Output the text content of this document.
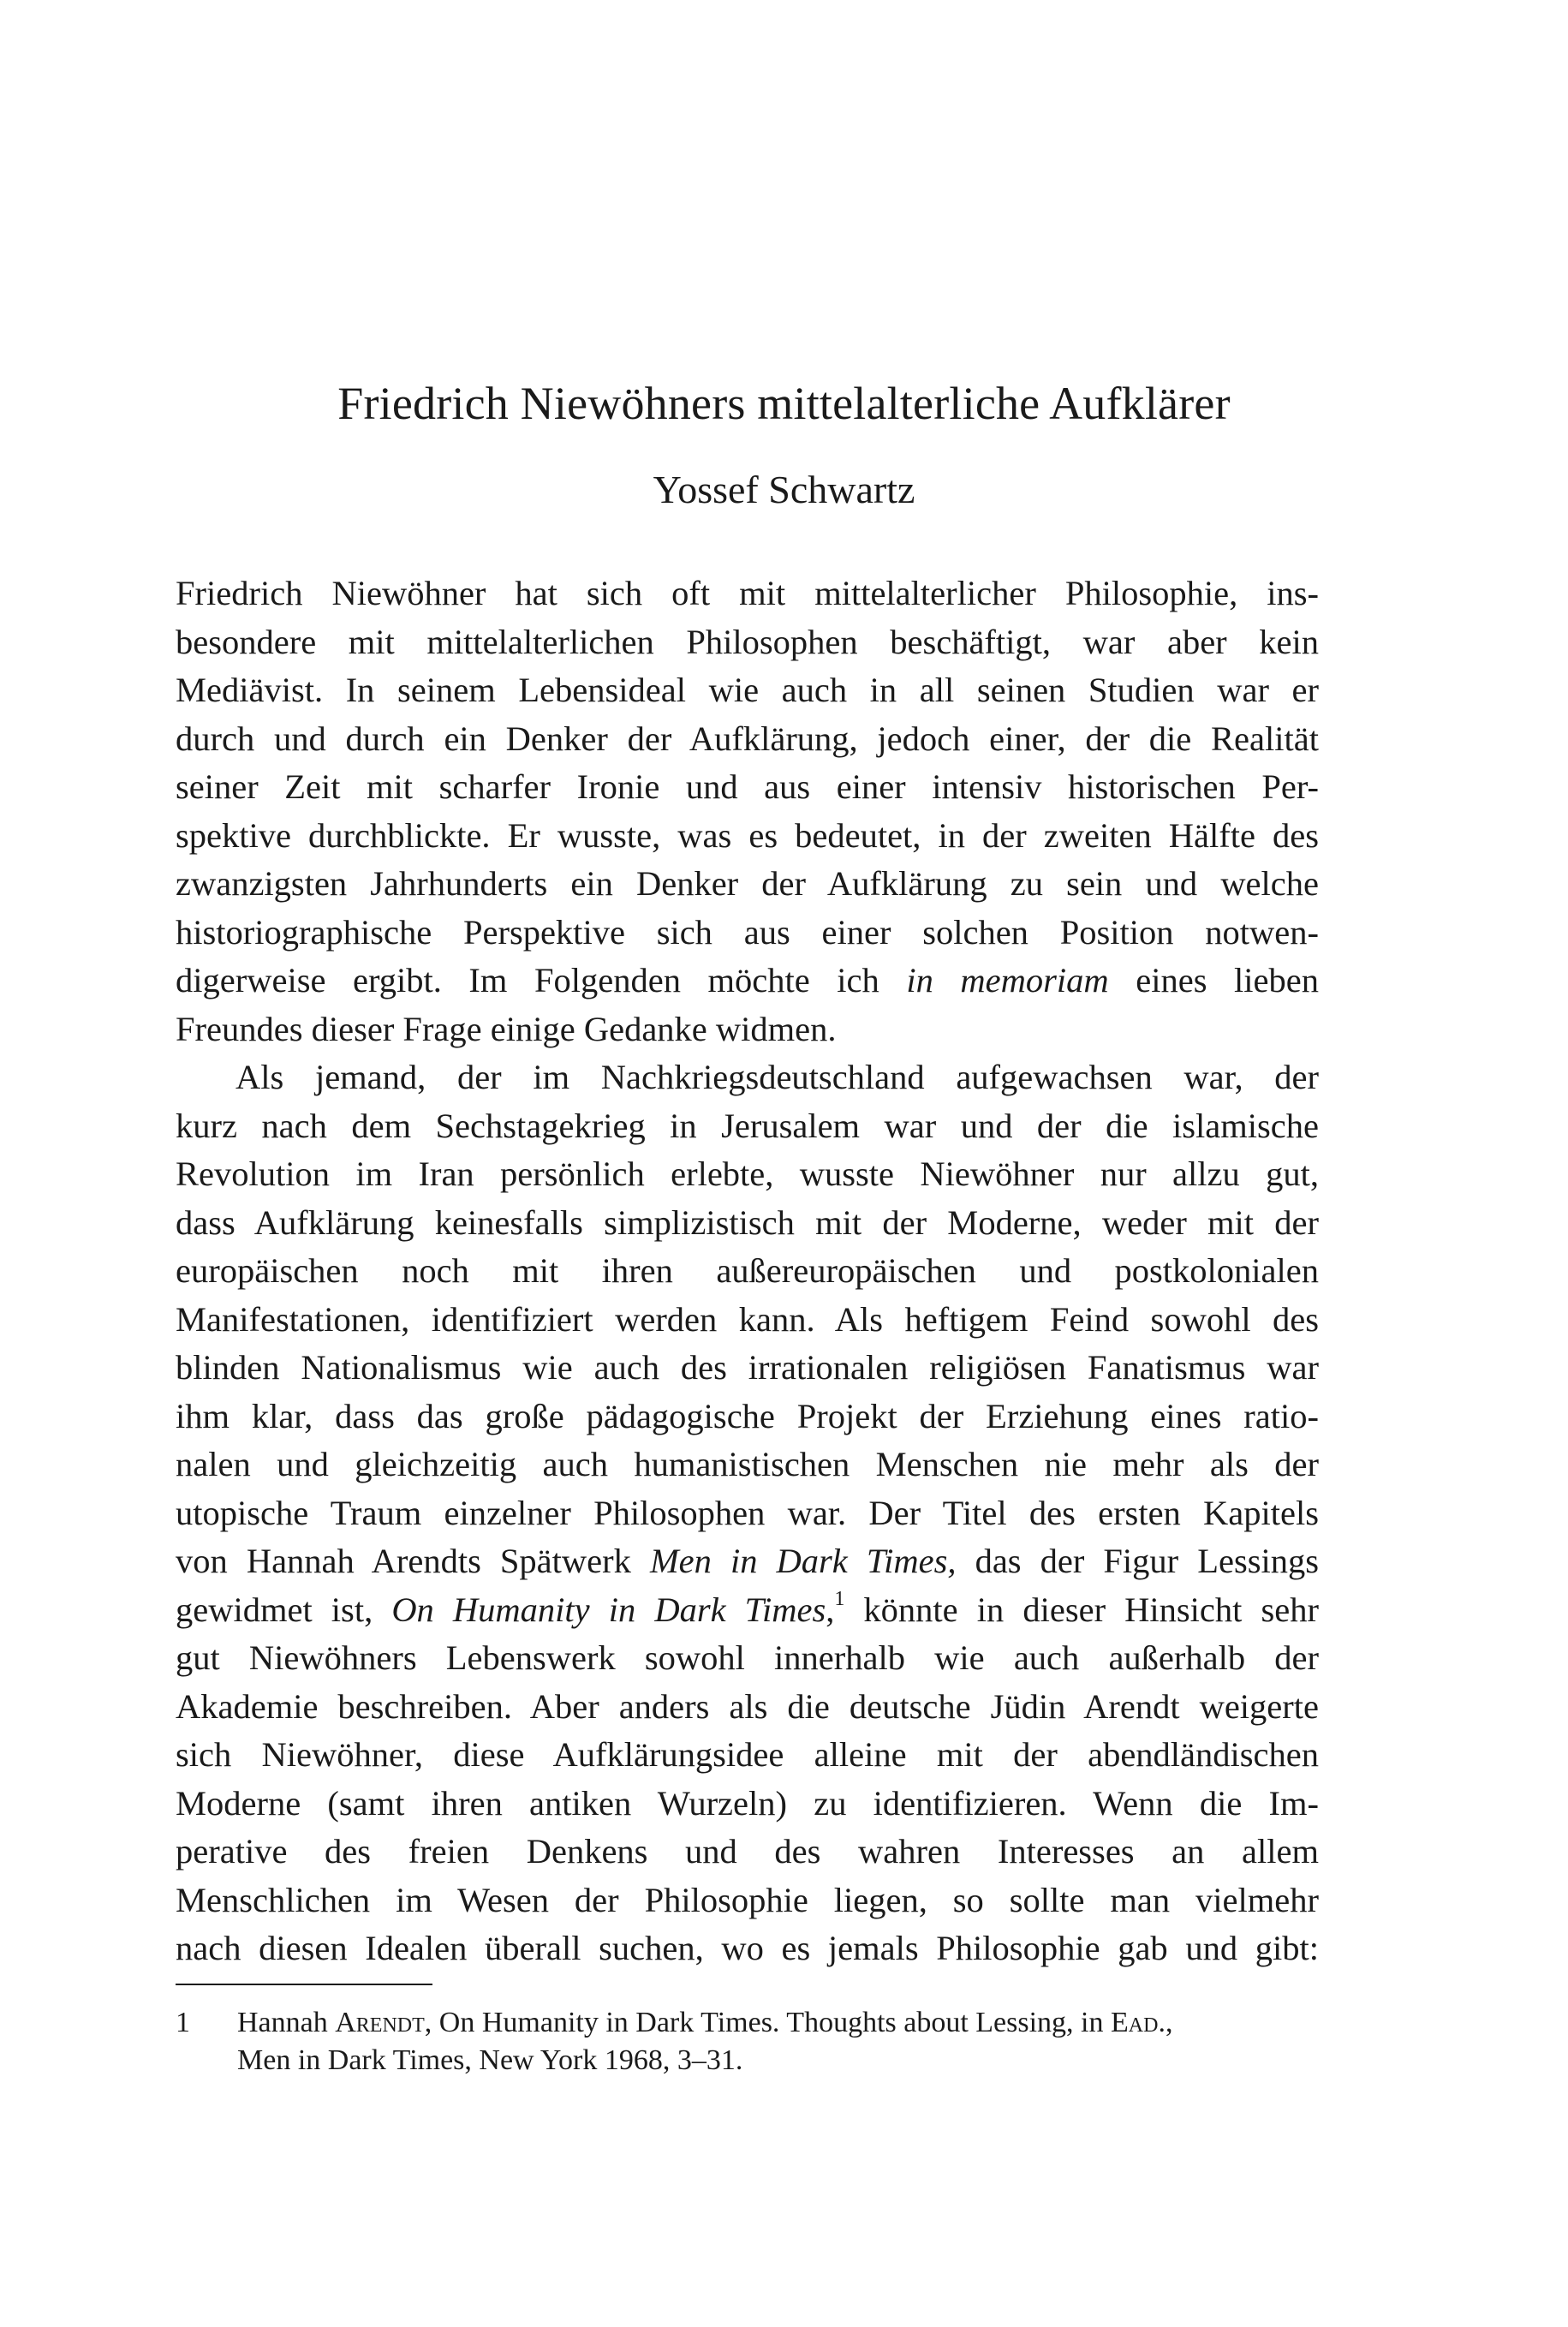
Friedrich Niewöhners mittelalterliche Aufklärer
Yossef Schwartz

Friedrich Niewöhner hat sich oft mit mittelalterlicher Philosophie, ins-
besondere mit mittelalterlichen Philosophen beschäftigt, war aber kein
Mediävist. In seinem Lebensideal wie auch in all seinen Studien war er
durch und durch ein Denker der Aufklärung, jedoch einer, der die Realität
seiner Zeit mit scharfer Ironie und aus einer intensiv historischen Per-
spektive durchblickte. Er wusste, was es bedeutet, in der zweiten Hälfte des
zwanzigsten Jahrhunderts ein Denker der Aufklärung zu sein und welche
historiographische Perspektive sich aus einer solchen Position notwen-
digerweise ergibt. Im Folgenden möchte ich in memoriam eines lieben
Freundes dieser Frage einige Gedanke widmen.

Als jemand, der im Nachkriegsdeutschland aufgewachsen war, der
kurz nach dem Sechstagekrieg in Jerusalem war und der die islamische
Revolution im Iran persönlich erlebte, wusste Niewöhner nur allzu gut,
dass Aufklärung keinesfalls simplizistisch mit der Moderne, weder mit der
europäischen noch mit ihren außereuropäischen und postkolonialen
Manifestationen, identifiziert werden kann. Als heftigem Feind sowohl des
blinden Nationalismus wie auch des irrationalen religiösen Fanatismus war
ihm klar, dass das große pädagogische Projekt der Erziehung eines ratio-
nalen und gleichzeitig auch humanistischen Menschen nie mehr als der
utopische Traum einzelner Philosophen war. Der Titel des ersten Kapitels
von Hannah Arendts Spätwerk Men in Dark Times, das der Figur Lessings
gewidmet ist, On Humanity in Dark Times,$^1$ könnte in dieser Hinsicht sehr
gut Niewöhners Lebenswerk sowohl innerhalb wie auch außerhalb der
Akademie beschreiben. Aber anders als die deutsche Jüdin Arendt weigerte
sich Niewöhner, diese Aufklärungsidee alleine mit der abendländischen
Moderne (samt ihren antiken Wurzeln) zu identifizieren. Wenn die Im-
perative des freien Denkens und des wahren Interesses an allem
Menschlichen im Wesen der Philosophie liegen, so sollte man vielmehr
nach diesen Idealen überall suchen, wo es jemals Philosophie gab und gibt:

1 Hannah Arendt, On Humanity in Dark Times. Thoughts about Lessing, in Ead.,
Men in Dark Times, New York 1968, 3–31.
